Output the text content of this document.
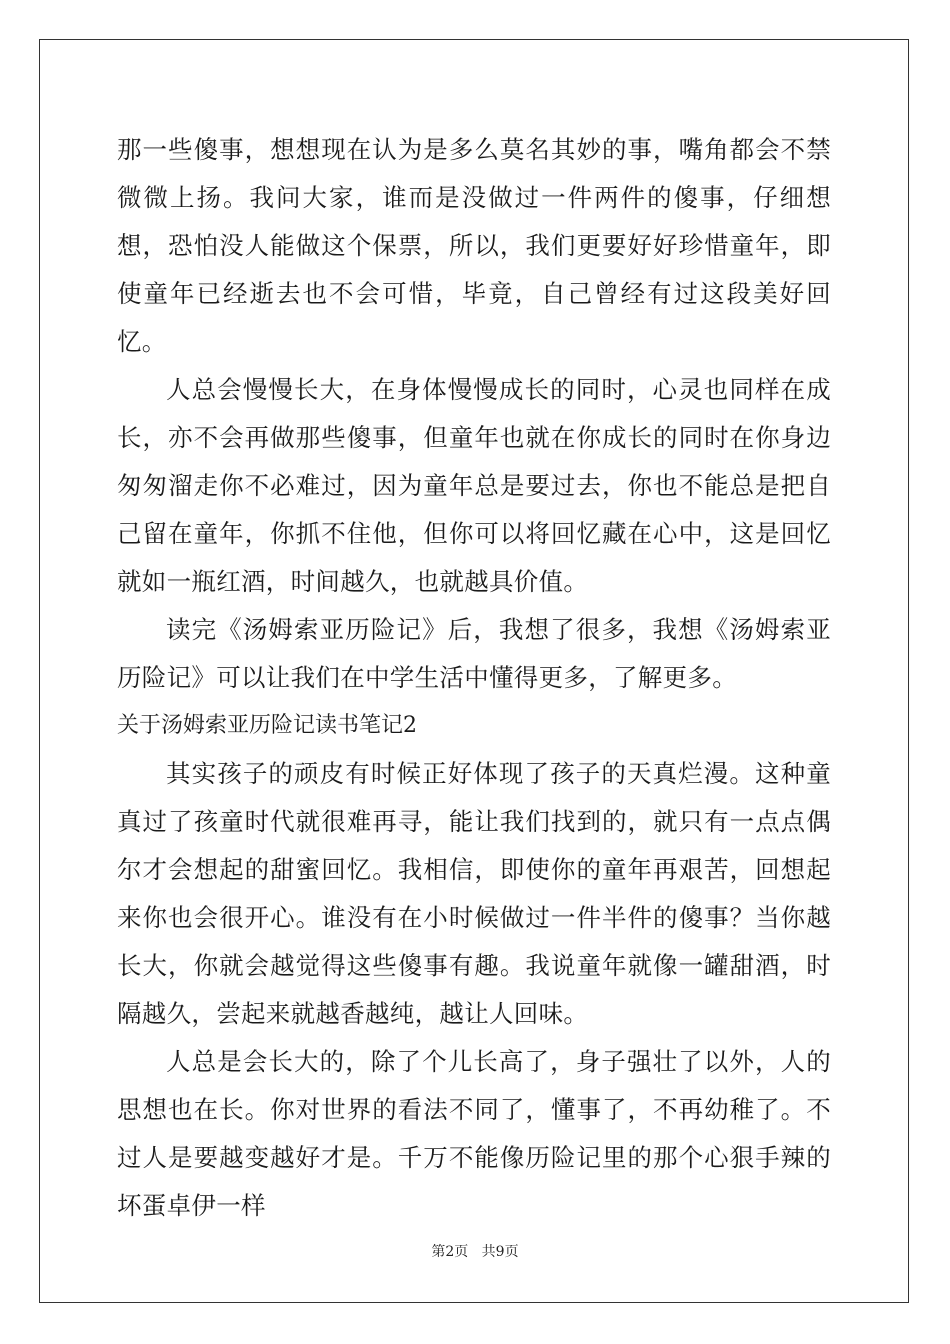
那一些傻事，想想现在认为是多么莫名其妙的事，嘴角都会不禁微微上扬。我问大家，谁而是没做过一件两件的傻事，仔细想想，恐怕没人能做这个保票，所以，我们更要好好珍惜童年，即使童年已经逝去也不会可惜，毕竟，自己曾经有过这段美好回忆。

人总会慢慢长大，在身体慢慢成长的同时，心灵也同样在成长，亦不会再做那些傻事，但童年也就在你成长的同时在你身边匆匆溜走你不必难过，因为童年总是要过去，你也不能总是把自己留在童年，你抓不住他，但你可以将回忆藏在心中，这是回忆就如一瓶红酒，时间越久，也就越具价值。

读完《汤姆索亚历险记》后，我想了很多，我想《汤姆索亚历险记》可以让我们在中学生活中懂得更多，了解更多。

关于汤姆索亚历险记读书笔记2

其实孩子的顽皮有时候正好体现了孩子的天真烂漫。这种童真过了孩童时代就很难再寻，能让我们找到的，就只有一点点偶尔才会想起的甜蜜回忆。我相信，即使你的童年再艰苦，回想起来你也会很开心。谁没有在小时候做过一件半件的傻事？当你越长大，你就会越觉得这些傻事有趣。我说童年就像一罐甜酒，时隔越久，尝起来就越香越纯，越让人回味。

人总是会长大的，除了个儿长高了，身子强壮了以外，人的思想也在长。你对世界的看法不同了，懂事了，不再幼稚了。不过人是要越变越好才是。千万不能像历险记里的那个心狠手辣的坏蛋卓伊一样

第2页 共9页
